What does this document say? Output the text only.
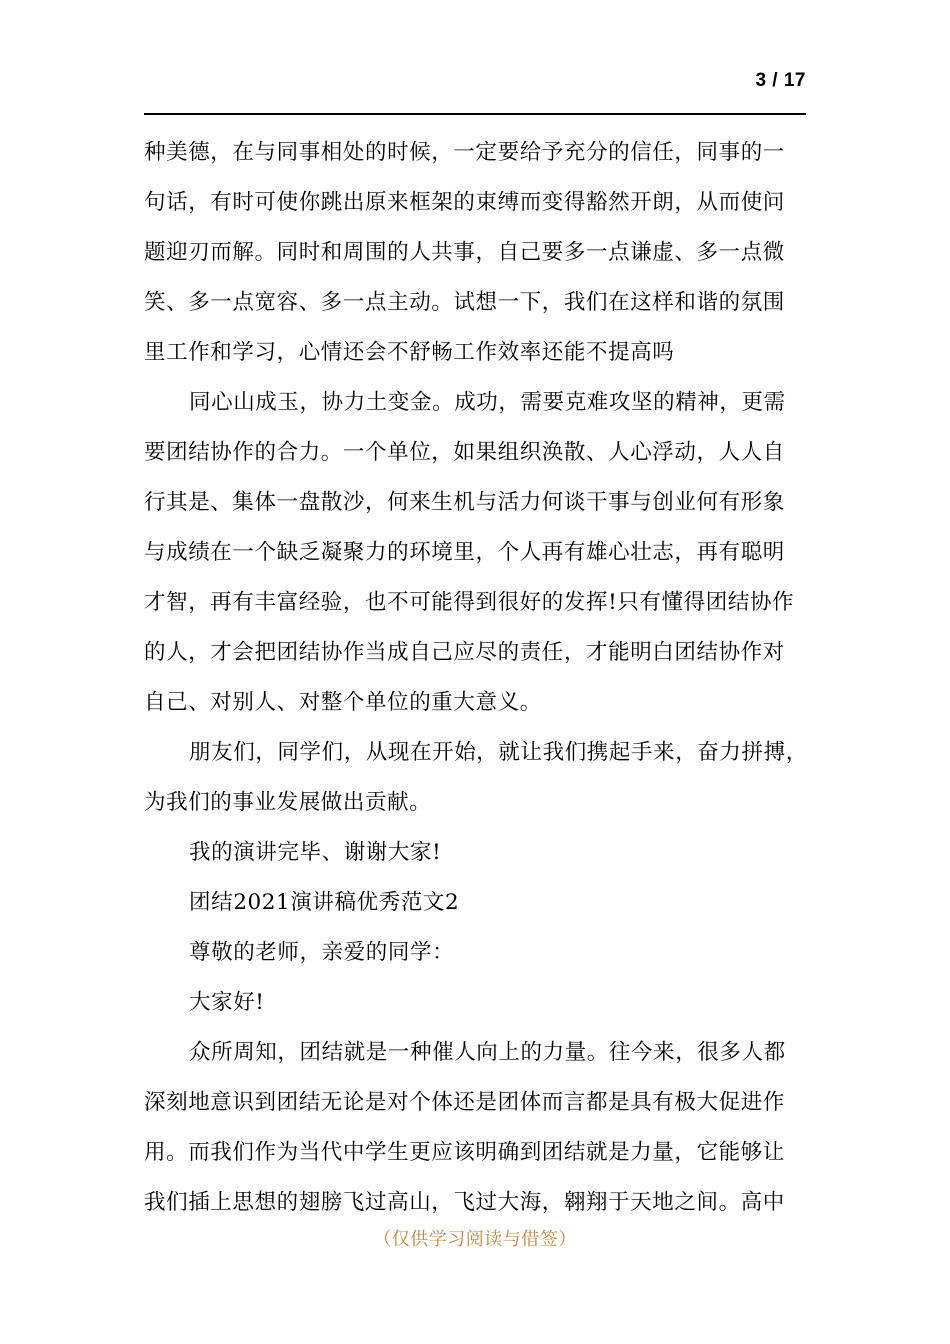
3 / 17

种美德，在与同事相处的时候，一定要给予充分的信任，同事的一
句话，有时可使你跳出原来框架的束缚而变得豁然开朗，从而使问
题迎刃而解。同时和周围的人共事，自己要多一点谦虚、多一点微
笑、多一点宽容、多一点主动。试想一下，我们在这样和谐的氛围
里工作和学习，心情还会不舒畅工作效率还能不提高吗

同心山成玉，协力土变金。成功，需要克难攻坚的精神，更需
要团结协作的合力。一个单位，如果组织涣散、人心浮动，人人自
行其是、集体一盘散沙，何来生机与活力何谈干事与创业何有形象
与成绩在一个缺乏凝聚力的环境里，个人再有雄心壮志，再有聪明
才智，再有丰富经验，也不可能得到很好的发挥!只有懂得团结协作
的人，才会把团结协作当成自己应尽的责任，才能明白团结协作对
自己、对别人、对整个单位的重大意义。

朋友们，同学们，从现在开始，就让我们携起手来，奋力拼搏，
为我们的事业发展做出贡献。

我的演讲完毕、谢谢大家!

团结2021演讲稿优秀范文2

尊敬的老师，亲爱的同学：

大家好!

众所周知，团结就是一种催人向上的力量。往今来，很多人都
深刻地意识到团结无论是对个体还是团体而言都是具有极大促进作
用。而我们作为当代中学生更应该明确到团结就是力量，它能够让
我们插上思想的翅膀飞过高山，飞过大海，翱翔于天地之间。高中

（仅供学习阅读与借签）
